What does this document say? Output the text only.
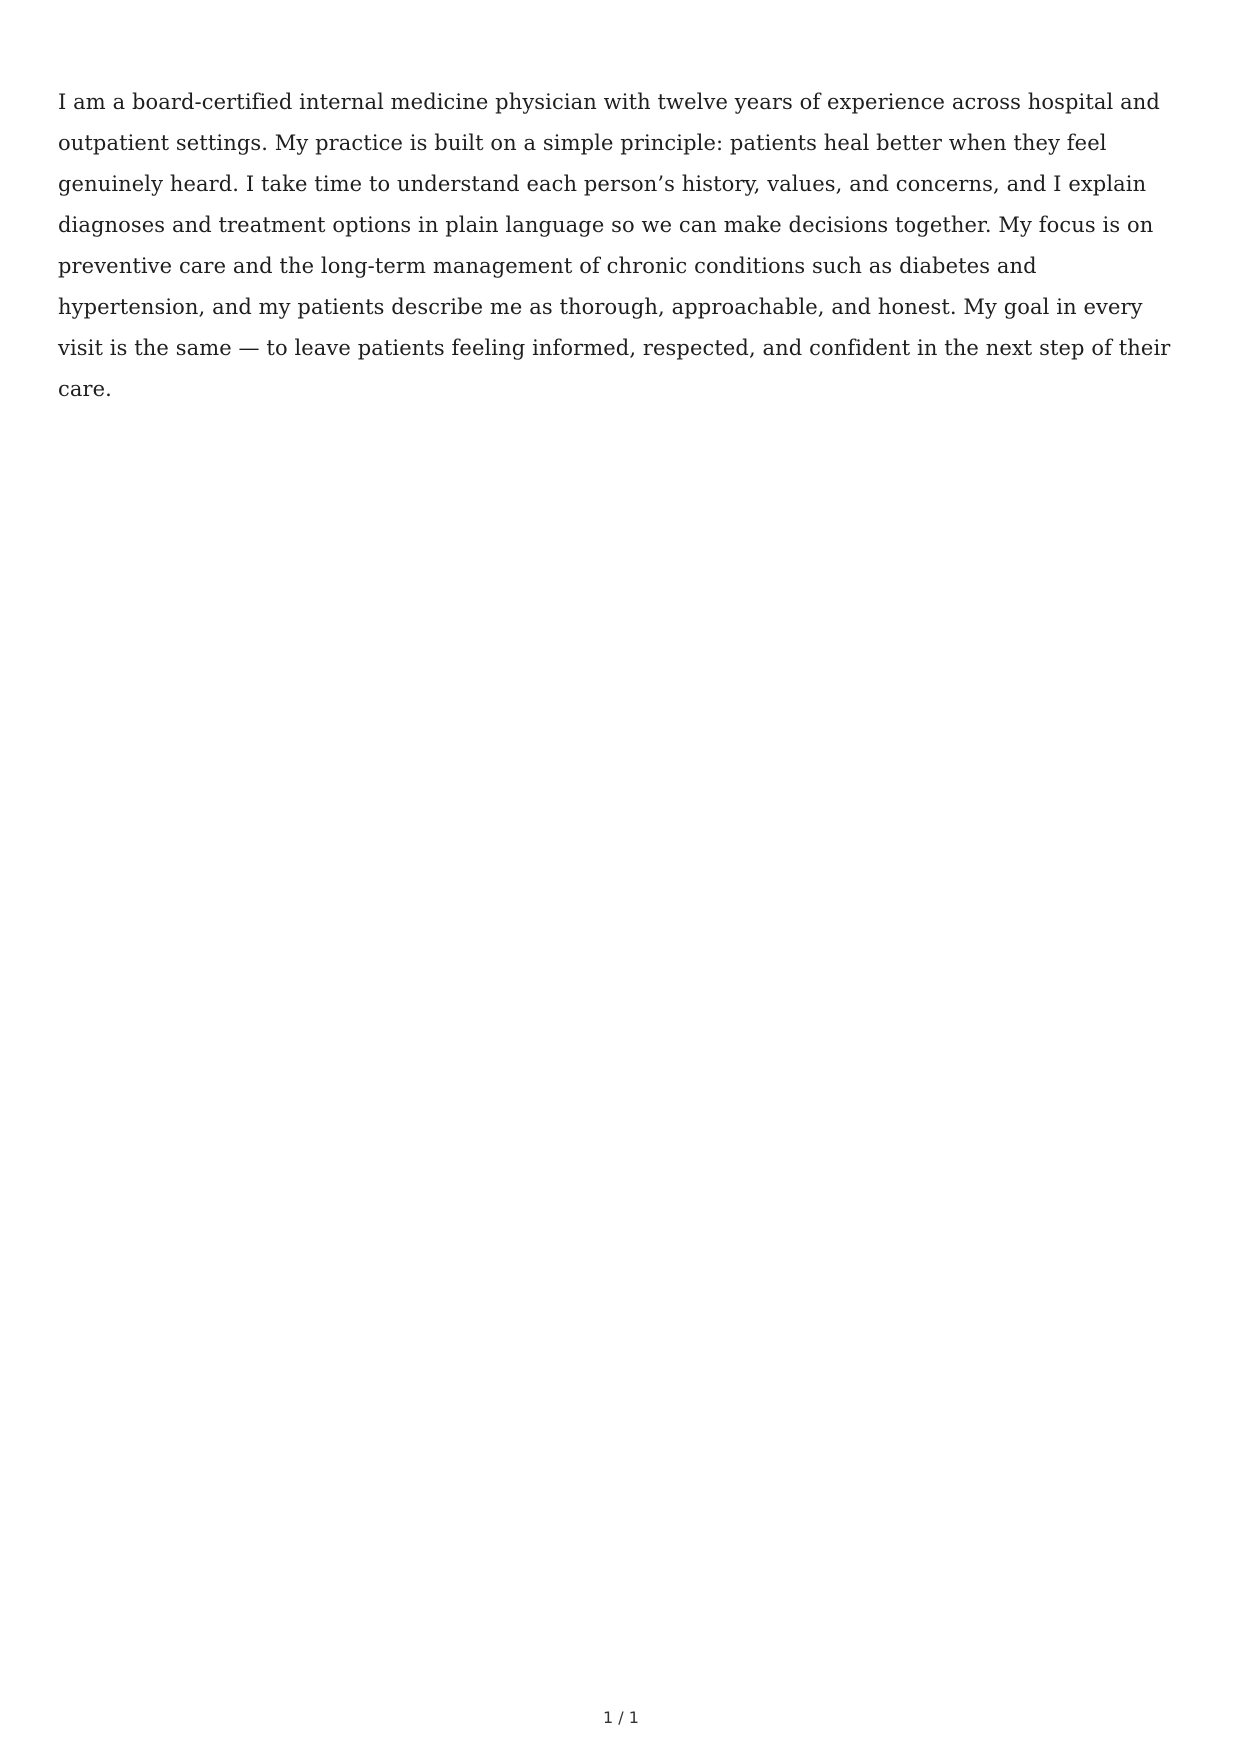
I am a board-certified internal medicine physician with twelve years of experience across hospital and outpatient settings. My practice is built on a simple principle: patients heal better when they feel genuinely heard. I take time to understand each person’s history, values, and concerns, and I explain diagnoses and treatment options in plain language so we can make decisions together. My focus is on preventive care and the long-term management of chronic conditions such as diabetes and hypertension, and my patients describe me as thorough, approachable, and honest. My goal in every visit is the same — to leave patients feeling informed, respected, and confident in the next step of their care.

1 / 1
